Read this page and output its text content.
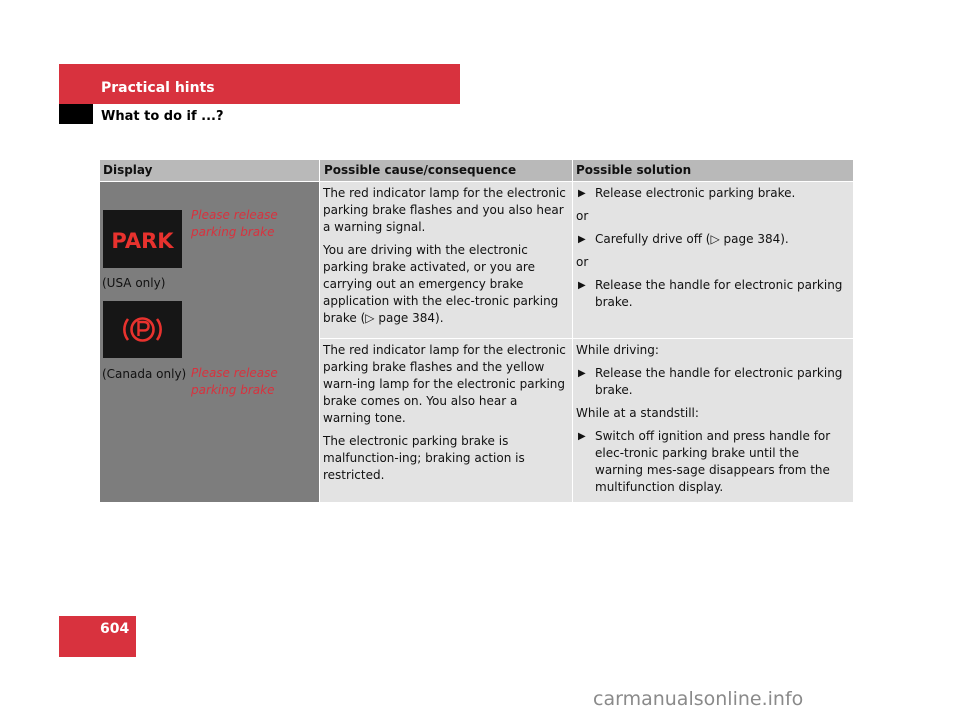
Practical hints
What to do if ...?
Display	Possible cause/consequence	Possible solution
PARK
(USA only)
(Canada only)
Please release parking brake
Please release parking brake

The red indicator lamp for the electronic parking brake flashes and you also hear a warning signal.

You are driving with the electronic parking brake activated, or you are carrying out an emergency brake application with the elec-tronic parking brake (▷ page 384).

▶ Release electronic parking brake.

or

▶ Carefully drive off (▷ page 384).

or

▶ Release the handle for electronic parking brake.

The red indicator lamp for the electronic parking brake flashes and the yellow warn-ing lamp for the electronic parking brake comes on. You also hear a warning tone.

The electronic parking brake is malfunction-ing; braking action is restricted.

While driving:

▶ Release the handle for electronic parking brake.

While at a standstill:

▶ Switch off ignition and press handle for elec-tronic parking brake until the warning mes-sage disappears from the multifunction display.
604
carmanualsonline.info
